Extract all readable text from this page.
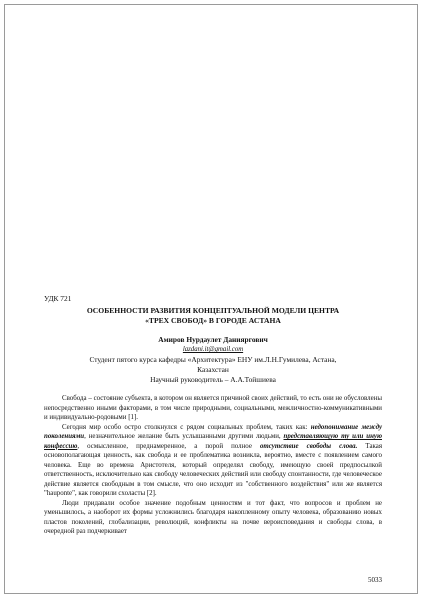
УДК 721
ОСОБЕННОСТИ РАЗВИТИЯ КОНЦЕПТУАЛЬНОЙ МОДЕЛИ ЦЕНТРА
«ТРЕХ СВОБОД» В ГОРОДЕ АСТАНА
Амиров Нурдаулет Данияргович
lazdani.it@gmail.com
Студент пятого курса кафедры «Архитектура» ЕНУ им.Л.Н.Гумилева, Астана,
Казахстан
Научный руководитель – А.А.Тойшиева

Свобода – состояние субъекта, в котором он является причиной своих действий, то есть они не обусловлены непосредственно иными факторами, в том числе природными, социальными, межличностно-коммуникативными и индивидуально-родовыми [1].

Сегодня мир особо остро столкнулся с рядом социальных проблем, таких как: недопонимание между поколениями, незначительное желание быть услышанными другими людьми, представляющую ту или иную конфессию, осмысленное, преднамеренное, а порой полное отсутствие свободы слова. Такая основополагающая ценность, как свобода и ее проблематика возникла, вероятно, вместе с появлением самого человека. Еще во времена Аристотеля, который определял свободу, имеющую своей предпосылкой ответственность, исключительно как свободу человеческих действий или свободу спонтанности, где человеческое действие является свободным в том смысле, что оно исходит из "собственного воздействия" или же является "hauponte", как говорили схоласты [2].

Люди придавали особое значение подобным ценностям и тот факт, что вопросов и проблем не уменьшилось, а наоборот их формы усложнились благодаря накопленному опыту человека, образованию новых пластов поколений, глобализации, революций, конфликты на почве вероисповедания и свободы слова, в очередной раз подчеркивает

5033
